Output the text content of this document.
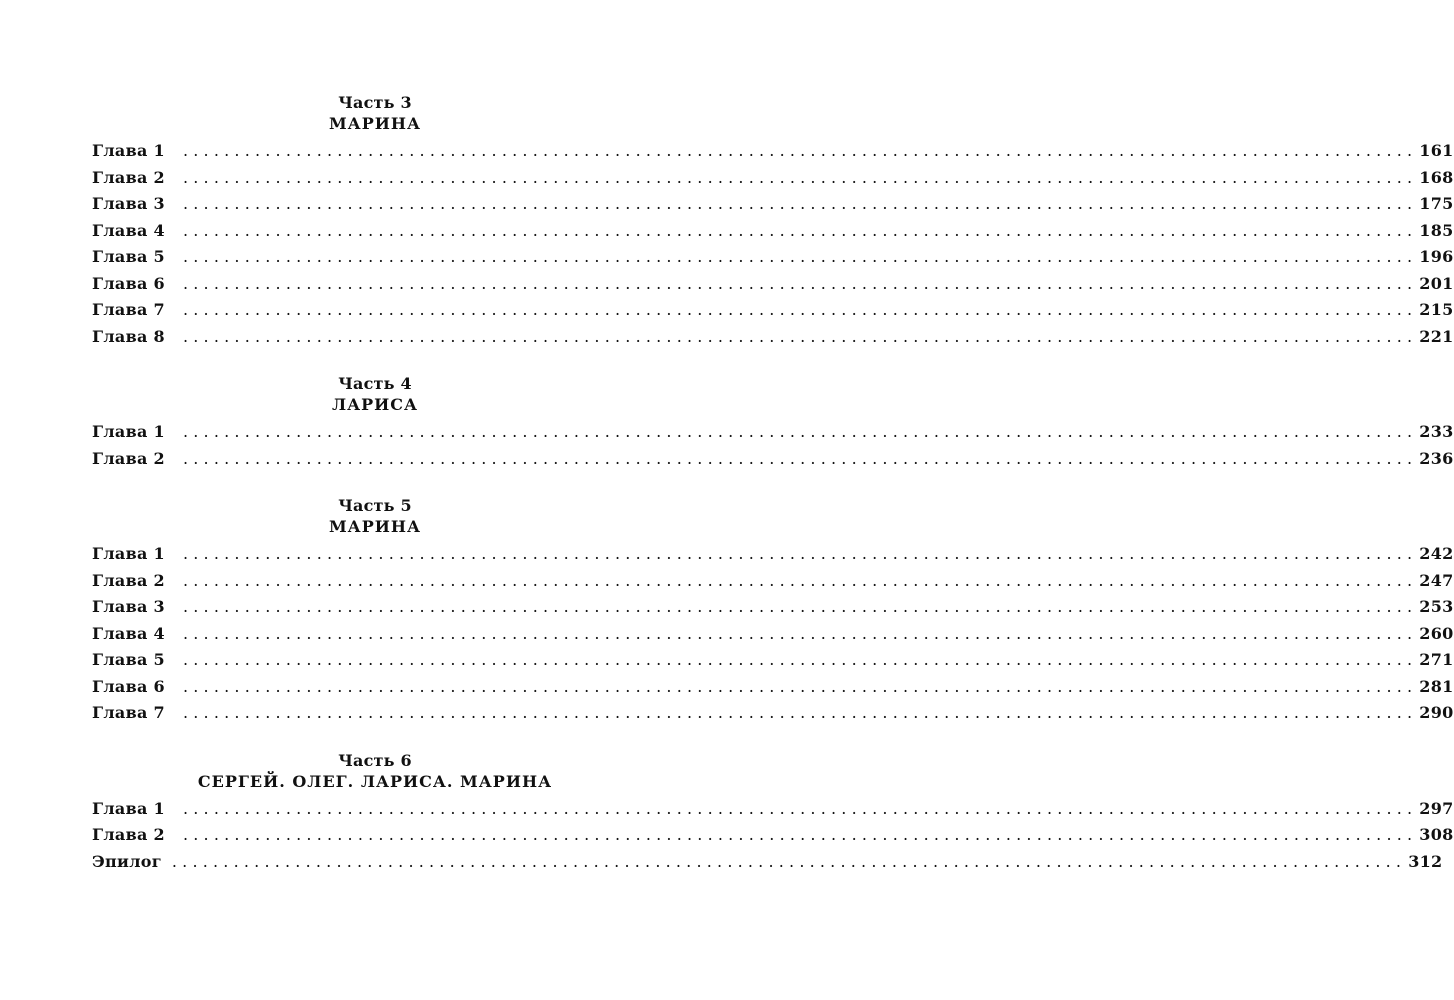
Часть 3
МАРИНА
Глава 1 ........................................................................................................................ 161
Глава 2 ........................................................................................................................ 168
Глава 3 ........................................................................................................................ 175
Глава 4 ........................................................................................................................ 185
Глава 5 ........................................................................................................................ 196
Глава 6 ........................................................................................................................ 201
Глава 7 ........................................................................................................................ 215
Глава 8 ........................................................................................................................ 221
Часть 4
ЛАРИСА
Глава 1 ........................................................................................................................ 233
Глава 2 ........................................................................................................................ 236
Часть 5
МАРИНА
Глава 1 ........................................................................................................................ 242
Глава 2 ........................................................................................................................ 247
Глава 3 ........................................................................................................................ 253
Глава 4 ........................................................................................................................ 260
Глава 5 ........................................................................................................................ 271
Глава 6 ........................................................................................................................ 281
Глава 7 ........................................................................................................................ 290
Часть 6
СЕРГЕЙ. ОЛЕГ. ЛАРИСА. МАРИНА
Глава 1 ........................................................................................................................ 297
Глава 2 ........................................................................................................................ 308
Эпилог ........................................................................................................................ 312
